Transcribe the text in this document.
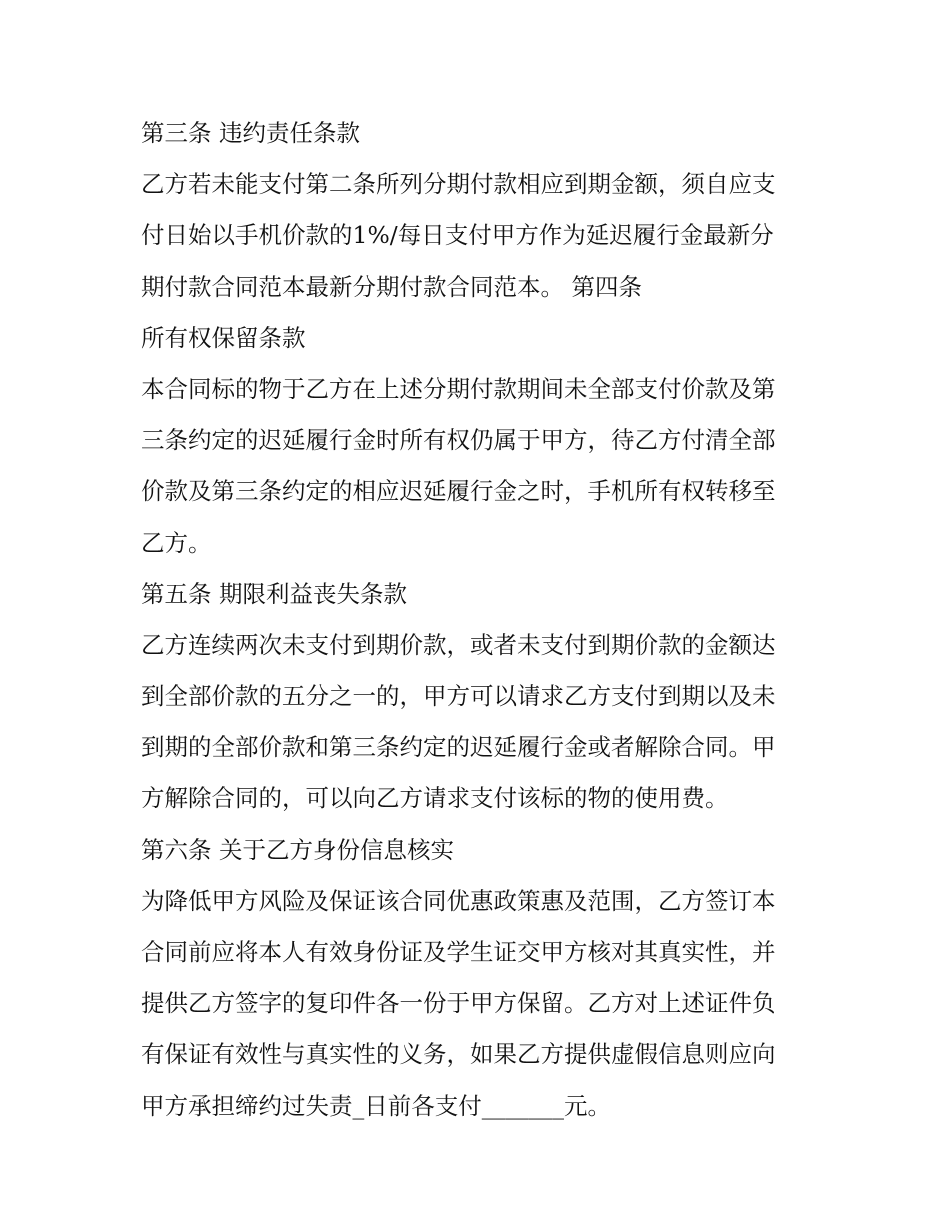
第三条 违约责任条款
乙方若未能支付第二条所列分期付款相应到期金额，须自应支
付日始以手机价款的1%/每日支付甲方作为延迟履行金最新分
期付款合同范本最新分期付款合同范本。 第四条
所有权保留条款
本合同标的物于乙方在上述分期付款期间未全部支付价款及第
三条约定的迟延履行金时所有权仍属于甲方，待乙方付清全部
价款及第三条约定的相应迟延履行金之时，手机所有权转移至
乙方。
第五条 期限利益丧失条款
乙方连续两次未支付到期价款，或者未支付到期价款的金额达
到全部价款的五分之一的，甲方可以请求乙方支付到期以及未
到期的全部价款和第三条约定的迟延履行金或者解除合同。甲
方解除合同的，可以向乙方请求支付该标的物的使用费。
第六条 关于乙方身份信息核实
为降低甲方风险及保证该合同优惠政策惠及范围，乙方签订本
合同前应将本人有效身份证及学生证交甲方核对其真实性，并
提供乙方签字的复印件各一份于甲方保留。乙方对上述证件负
有保证有效性与真实性的义务，如果乙方提供虚假信息则应向
甲方承担缔约过失责_日前各支付_______元。
